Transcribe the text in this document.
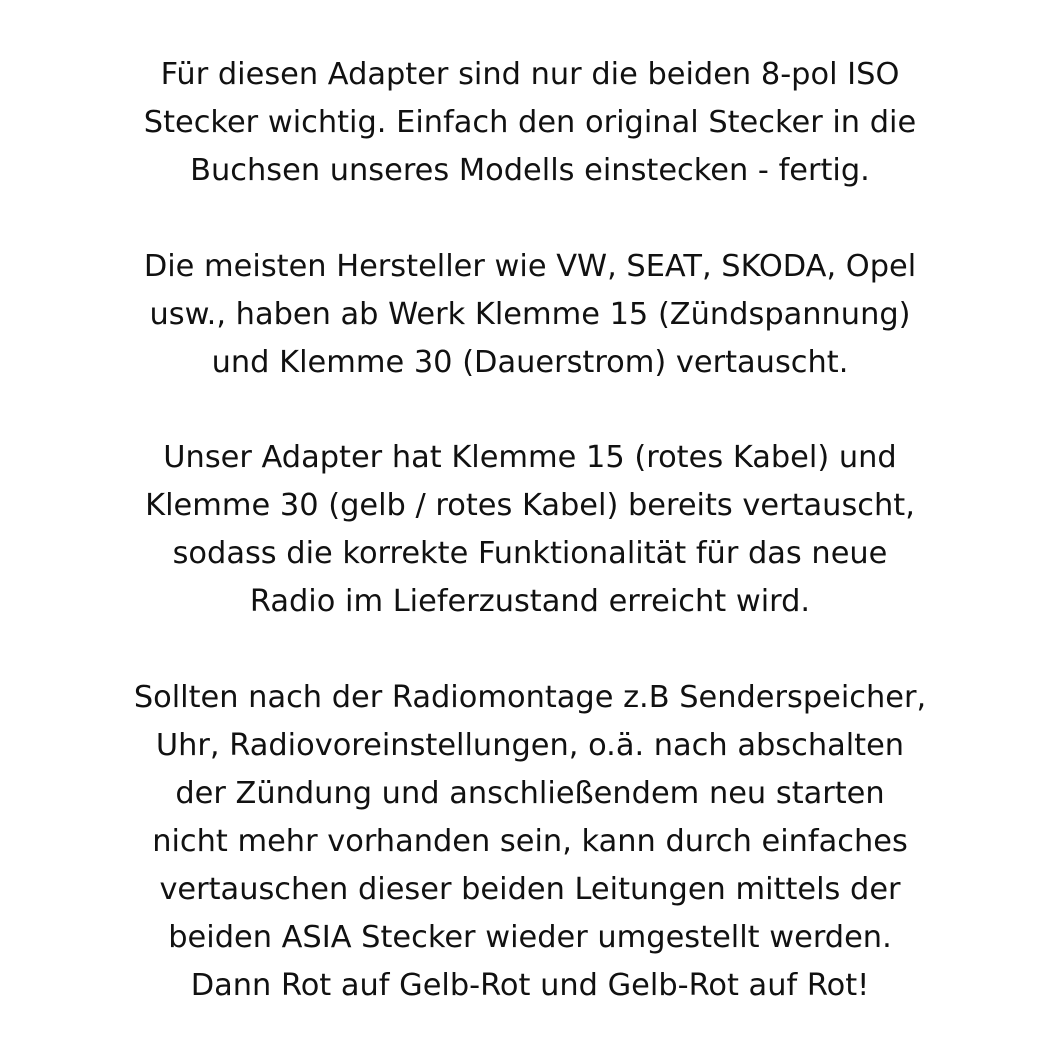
Für diesen Adapter sind nur die beiden 8-pol ISO
Stecker wichtig. Einfach den original Stecker in die
Buchsen unseres Modells einstecken - fertig.

Die meisten Hersteller wie VW, SEAT, SKODA, Opel
usw., haben ab Werk Klemme 15 (Zündspannung)
und Klemme 30 (Dauerstrom) vertauscht.

Unser Adapter hat Klemme 15 (rotes Kabel) und
Klemme 30 (gelb / rotes Kabel) bereits vertauscht,
sodass die korrekte Funktionalität für das neue
Radio im Lieferzustand erreicht wird.

Sollten nach der Radiomontage z.B Senderspeicher,
Uhr, Radiovoreinstellungen, o.ä. nach abschalten
der Zündung und anschließendem neu starten
nicht mehr vorhanden sein, kann durch einfaches
vertauschen dieser beiden Leitungen mittels der
beiden ASIA Stecker wieder umgestellt werden.
Dann Rot auf Gelb-Rot und Gelb-Rot auf Rot!
